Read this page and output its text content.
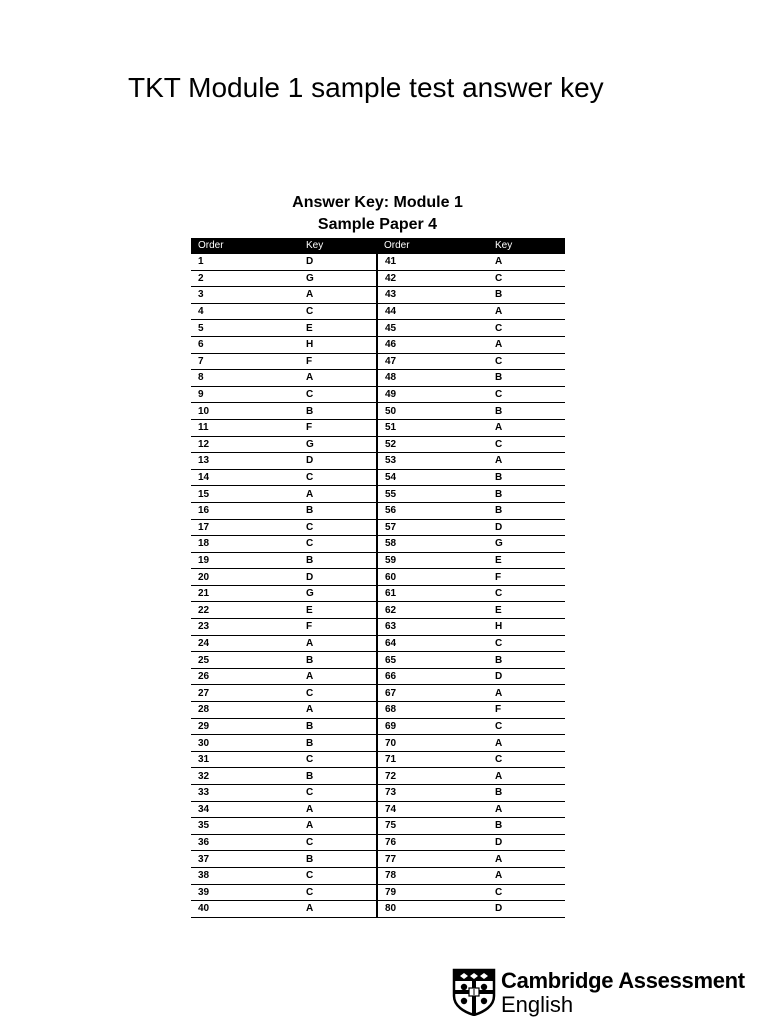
TKT Module 1 sample test answer key
Answer Key: Module 1
Sample Paper 4
Order	Key	Order	Key
1	D	41	A
2	G	42	C
3	A	43	B
4	C	44	A
5	E	45	C
6	H	46	A
7	F	47	C
8	A	48	B
9	C	49	C
10	B	50	B
11	F	51	A
12	G	52	C
13	D	53	A
14	C	54	B
15	A	55	B
16	B	56	B
17	C	57	D
18	C	58	G
19	B	59	E
20	D	60	F
21	G	61	C
22	E	62	E
23	F	63	H
24	A	64	C
25	B	65	B
26	A	66	D
27	C	67	A
28	A	68	F
29	B	69	C
30	B	70	A
31	C	71	C
32	B	72	A
33	C	73	B
34	A	74	A
35	A	75	B
36	C	76	D
37	B	77	A
38	C	78	A
39	C	79	C
40	A	80	D
Cambridge Assessment
English
